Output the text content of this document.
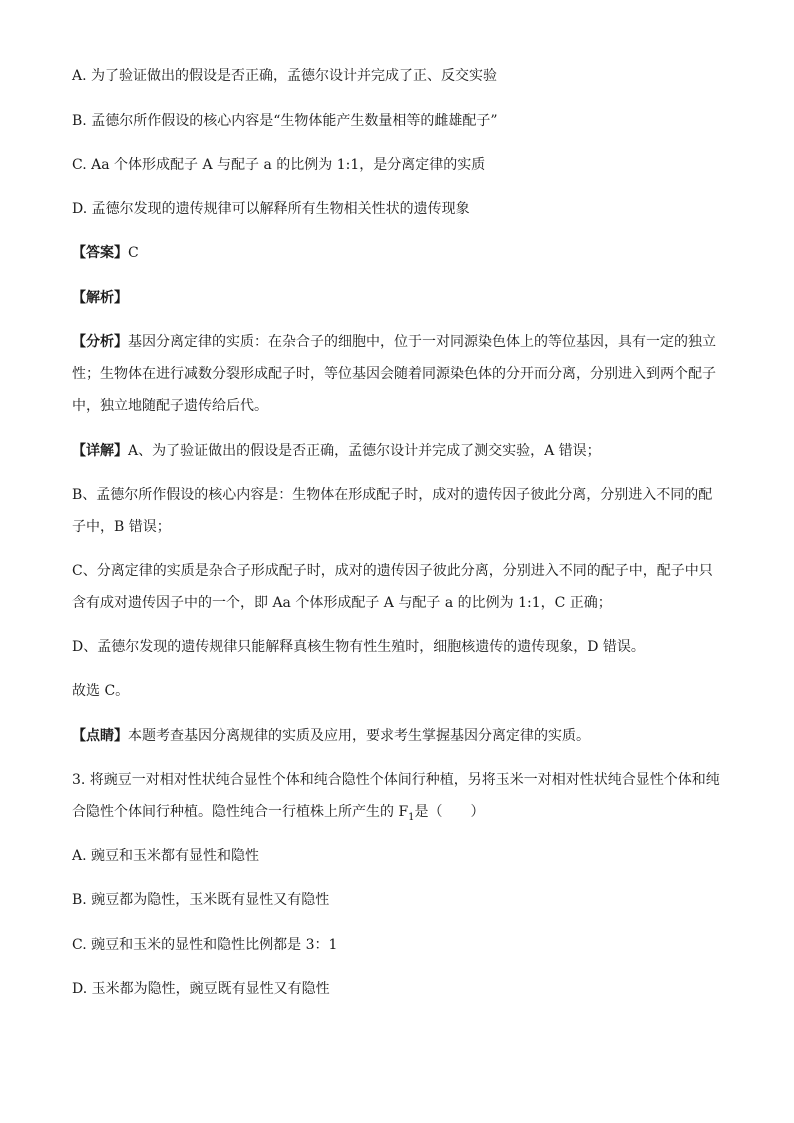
A. 为了验证做出的假设是否正确，孟德尔设计并完成了正、反交实验
B. 孟德尔所作假设的核心内容是“生物体能产生数量相等的雌雄配子”
C. Aa 个体形成配子 A 与配子 a 的比例为 1:1，是分离定律的实质
D. 孟德尔发现的遗传规律可以解释所有生物相关性状的遗传现象
【答案】C
【解析】
【分析】基因分离定律的实质：在杂合子的细胞中，位于一对同源染色体上的等位基因，具有一定的独立
性；生物体在进行减数分裂形成配子时，等位基因会随着同源染色体的分开而分离，分别进入到两个配子
中，独立地随配子遗传给后代。
【详解】A、为了验证做出的假设是否正确，孟德尔设计并完成了测交实验，A 错误；
B、孟德尔所作假设的核心内容是：生物体在形成配子时，成对的遗传因子彼此分离，分别进入不同的配
子中，B 错误；
C、分离定律的实质是杂合子形成配子时，成对的遗传因子彼此分离，分别进入不同的配子中，配子中只
含有成对遗传因子中的一个，即 Aa 个体形成配子 A 与配子 a 的比例为 1:1，C 正确；
D、孟德尔发现的遗传规律只能解释真核生物有性生殖时，细胞核遗传的遗传现象，D 错误。
故选 C。
【点睛】本题考查基因分离规律的实质及应用，要求考生掌握基因分离定律的实质。
3. 将豌豆一对相对性状纯合显性个体和纯合隐性个体间行种植，另将玉米一对相对性状纯合显性个体和纯
合隐性个体间行种植。隐性纯合一行植株上所产生的 $F_1$是（　　）
A. 豌豆和玉米都有显性和隐性
B. 豌豆都为隐性，玉米既有显性又有隐性
C. 豌豆和玉米的显性和隐性比例都是 3：1
D. 玉米都为隐性，豌豆既有显性又有隐性
